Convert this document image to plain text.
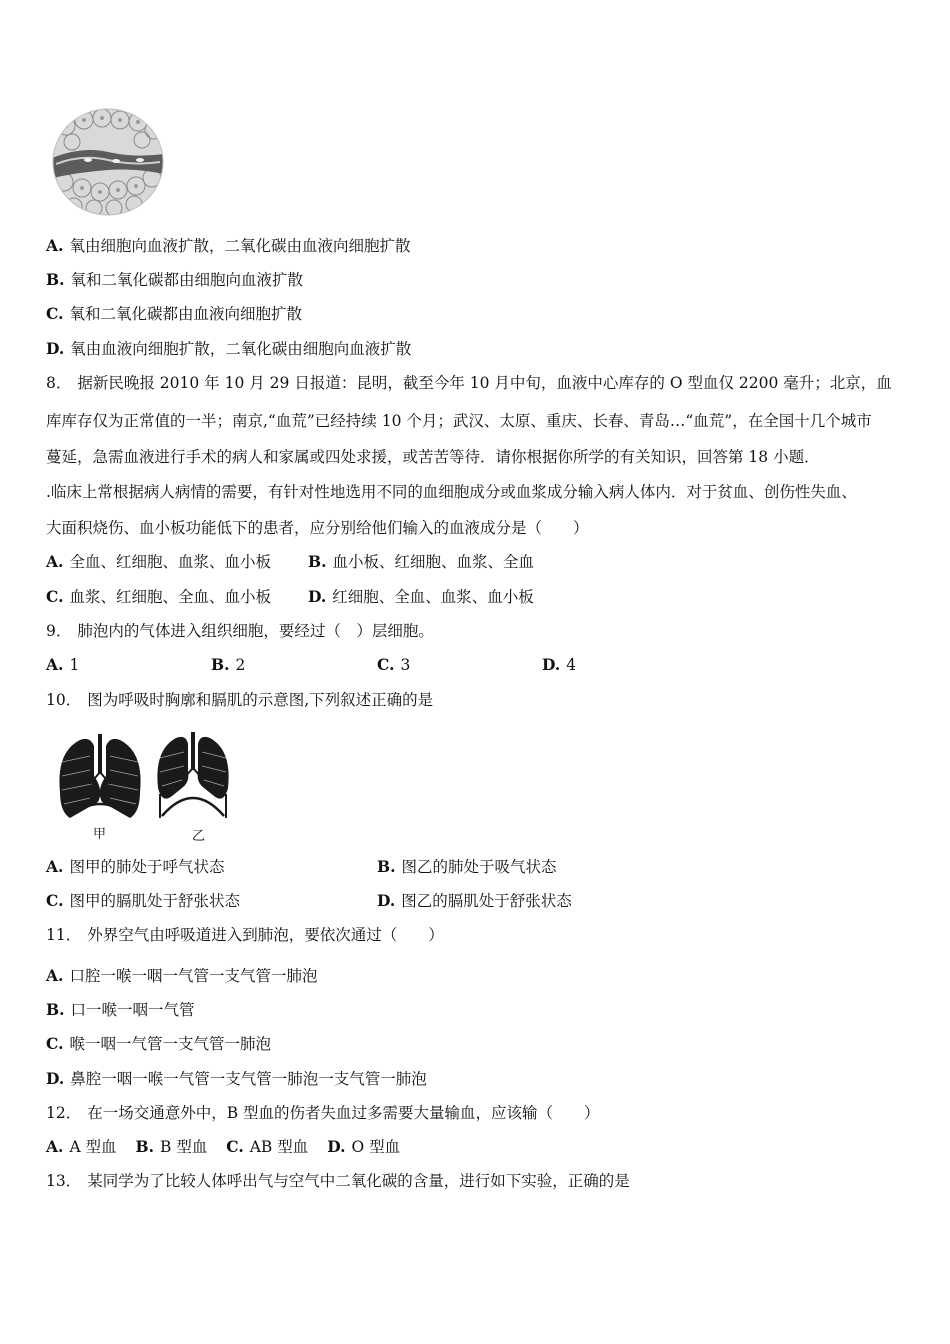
A. 氧由细胞向血液扩散，二氧化碳由血液向细胞扩散
B. 氧和二氧化碳都由细胞向血液扩散
C. 氧和二氧化碳都由血液向细胞扩散
D. 氧由血液向细胞扩散，二氧化碳由细胞向血液扩散
8． 据新民晚报 2010 年 10 月 29 日报道：昆明，截至今年 10 月中旬，血液中心库存的 O 型血仅 2200 毫升；北京，血
库库存仅为正常值的一半；南京,“血荒”已经持续 10 个月；武汉、太原、重庆、长春、青岛…“血荒”，在全国十几个城市
蔓延，急需血液进行手术的病人和家属或四处求援，或苦苦等待．请你根据你所学的有关知识，回答第 18 小题．
.临床上常根据病人病情的需要，有针对性地选用不同的血细胞成分或血浆成分输入病人体内．对于贫血、创伤性失血、
大面积烧伤、血小板功能低下的患者，应分别给他们输入的血液成分是（　　）
A. 全血、红细胞、血浆、血小板 B. 血小板、红细胞、血浆、全血
C. 血浆、红细胞、全血、血小板 D. 红细胞、全血、血浆、血小板
9． 肺泡内的气体进入组织细胞，要经过（　）层细胞。
A. 1	B. 2	C. 3	D. 4
10． 图为呼吸时胸廓和膈肌的示意图,下列叙述正确的是
甲	乙
A. 图甲的肺处于呼气状态	B. 图乙的肺处于吸气状态
C. 图甲的膈肌处于舒张状态	D. 图乙的膈肌处于舒张状态
11． 外界空气由呼吸道进入到肺泡，要依次通过（　　）
A. 口腔一喉一咽一气管一支气管一肺泡
B. 口一喉一咽一气管
C. 喉一咽一气管一支气管一肺泡
D. 鼻腔一咽一喉一气管一支气管一肺泡一支气管一肺泡
12． 在一场交通意外中，B 型血的伤者失血过多需要大量输血，应该输（　　）
A. A 型血 B. B 型血 C. AB 型血 D. O 型血
13． 某同学为了比较人体呼出气与空气中二氧化碳的含量，进行如下实验，正确的是
